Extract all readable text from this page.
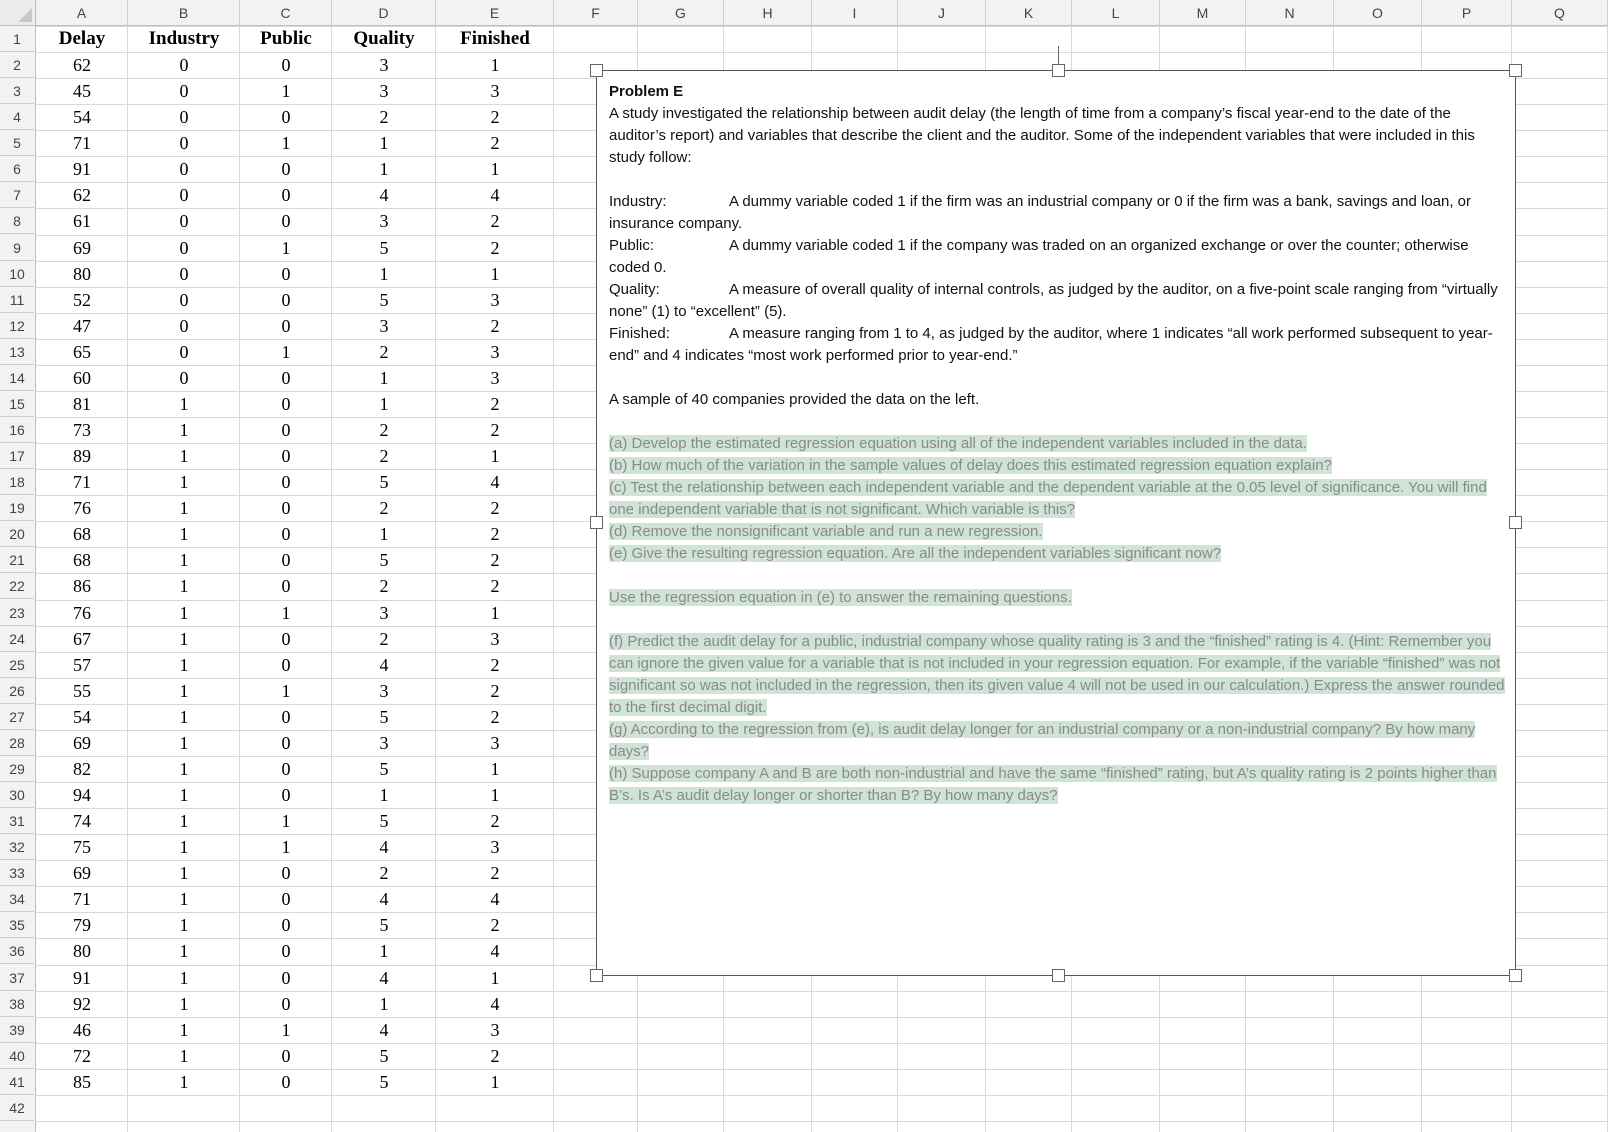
A	B	C	D	E	F	G	H	I	J	K	L	M	N	O	P	Q
1
2
3
4
5
6
7
8
9
10
11
12
13
14
15
16
17
18
19
20
21
22
23
24
25
26
27
28
29
30
31
32
33
34
35
36
37
38
39
40
41
42
Delay	Industry	Public	Quality	Finished
62	0	0	3	1
45	0	1	3	3
54	0	0	2	2
71	0	1	1	2
91	0	0	1	1
62	0	0	4	4
61	0	0	3	2
69	0	1	5	2
80	0	0	1	1
52	0	0	5	3
47	0	0	3	2
65	0	1	2	3
60	0	0	1	3
81	1	0	1	2
73	1	0	2	2
89	1	0	2	1
71	1	0	5	4
76	1	0	2	2
68	1	0	1	2
68	1	0	5	2
86	1	0	2	2
76	1	1	3	1
67	1	0	2	3
57	1	0	4	2
55	1	1	3	2
54	1	0	5	2
69	1	0	3	3
82	1	0	5	1
94	1	0	1	1
74	1	1	5	2
75	1	1	4	3
69	1	0	2	2
71	1	0	4	4
79	1	0	5	2
80	1	0	1	4
91	1	0	4	1
92	1	0	1	4
46	1	1	4	3
72	1	0	5	2
85	1	0	5	1
Problem E
A study investigated the relationship between audit delay (the length of time from a company’s fiscal year-end to the date of the auditor’s report) and variables that describe the client and the auditor. Some of the independent variables that were included in this study follow:
Industry:	A dummy variable coded 1 if the firm was an industrial company or 0 if the firm was a bank, savings and loan, or insurance company.
Public:	A dummy variable coded 1 if the company was traded on an organized exchange or over the counter; otherwise coded 0.
Quality:	A measure of overall quality of internal controls, as judged by the auditor, on a five-point scale ranging from “virtually none” (1) to “excellent” (5).
Finished:	A measure ranging from 1 to 4, as judged by the auditor, where 1 indicates “all work performed subsequent to year-end” and 4 indicates “most work performed prior to year-end.”
A sample of 40 companies provided the data on the left.
(a) Develop the estimated regression equation using all of the independent variables included in the data.
(b) How much of the variation in the sample values of delay does this estimated regression equation explain?
(c) Test the relationship between each independent variable and the dependent variable at the 0.05 level of significance. You will find one independent variable that is not significant. Which variable is this?
(d) Remove the nonsignificant variable and run a new regression.
(e) Give the resulting regression equation. Are all the independent variables significant now?
Use the regression equation in (e) to answer the remaining questions.
(f) Predict the audit delay for a public, industrial company whose quality rating is 3 and the “finished” rating is 4. (Hint: Remember you can ignore the given value for a variable that is not included in your regression equation. For example, if the variable “finished” was not significant so was not included in the regression, then its given value 4 will not be used in our calculation.) Express the answer rounded to the first decimal digit.
(g) According to the regression from (e), is audit delay longer for an industrial company or a non-industrial company? By how many days?
(h) Suppose company A and B are both non-industrial and have the same “finished” rating, but A’s quality rating is 2 points higher than B’s. Is A’s audit delay longer or shorter than B? By how many days?
